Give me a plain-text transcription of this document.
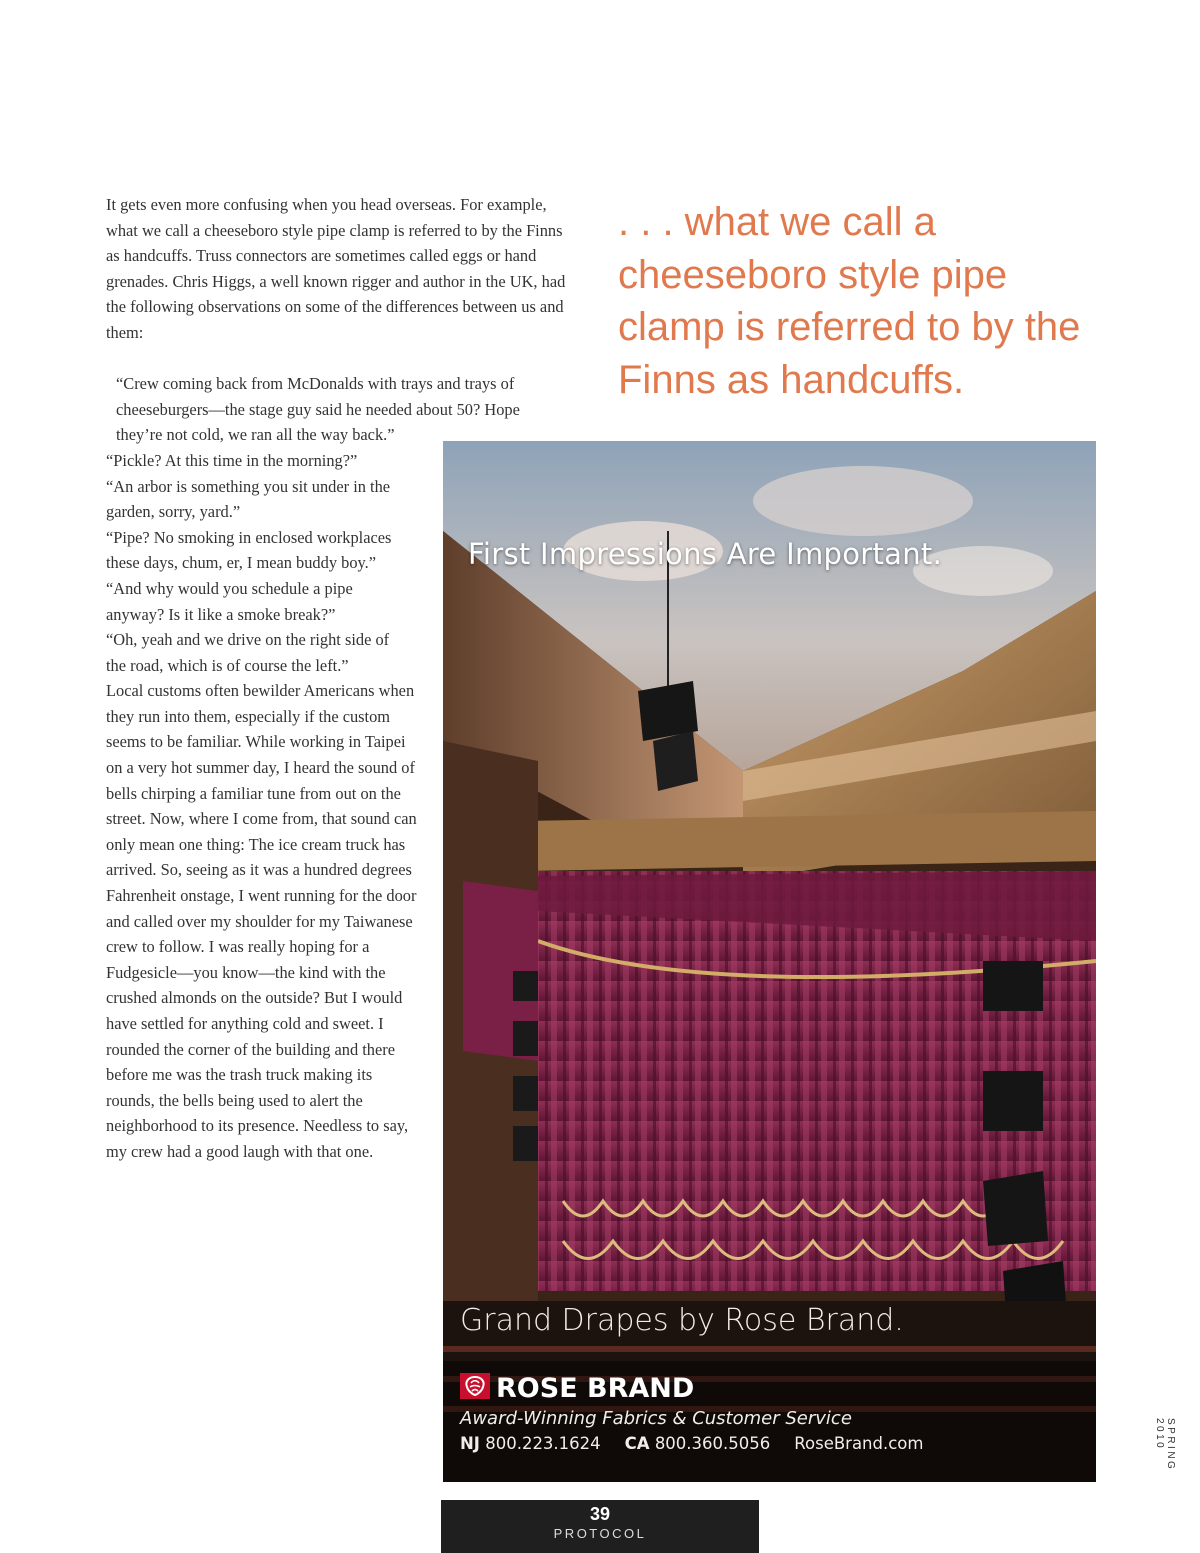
It gets even more confusing when you head overseas. For example, what we call a cheeseboro style pipe clamp is referred to by the Finns as handcuffs. Truss connectors are sometimes called eggs or hand grenades. Chris Higgs, a well known rigger and author in the UK, had the following observations on some of the differences between us and them:

“Crew coming back from McDonalds with trays and trays of cheeseburgers—the stage guy said he needed about 50? Hope they’re not cold, we ran all the way back.”

“Pickle? At this time in the morning?”

“An arbor is something you sit under in the garden, sorry, yard.”

“Pipe? No smoking in enclosed workplaces these days, chum, er, I mean buddy boy.”

“And why would you schedule a pipe anyway? Is it like a smoke break?”

“Oh, yeah and we drive on the right side of the road, which is of course the left.”

Local customs often bewilder Americans when they run into them, especially if the custom seems to be familiar. While working in Taipei on a very hot summer day, I heard the sound of bells chirping a familiar tune from out on the street. Now, where I come from, that sound can only mean one thing: The ice cream truck has arrived. So, seeing as it was a hundred degrees Fahrenheit onstage, I went running for the door and called over my shoulder for my Taiwanese crew to follow. I was really hoping for a Fudgesicle—you know—the kind with the crushed almonds on the outside? But I would have settled for anything cold and sweet. I rounded the corner of the building and there before me was the trash truck making its rounds, the bells being used to alert the neighborhood to its presence. Needless to say, my crew had a good laugh with that one.

. . . what we call a cheeseboro style pipe clamp is referred to by the Finns as handcuffs.

First Impressions Are Important.
Grand Drapes by Rose Brand.
ROSE BRAND
Award-Winning Fabrics & Customer Service
NJ 800.223.1624 CA 800.360.5056 RoseBrand.com
39
PROTOCOL
SPRING 2010
